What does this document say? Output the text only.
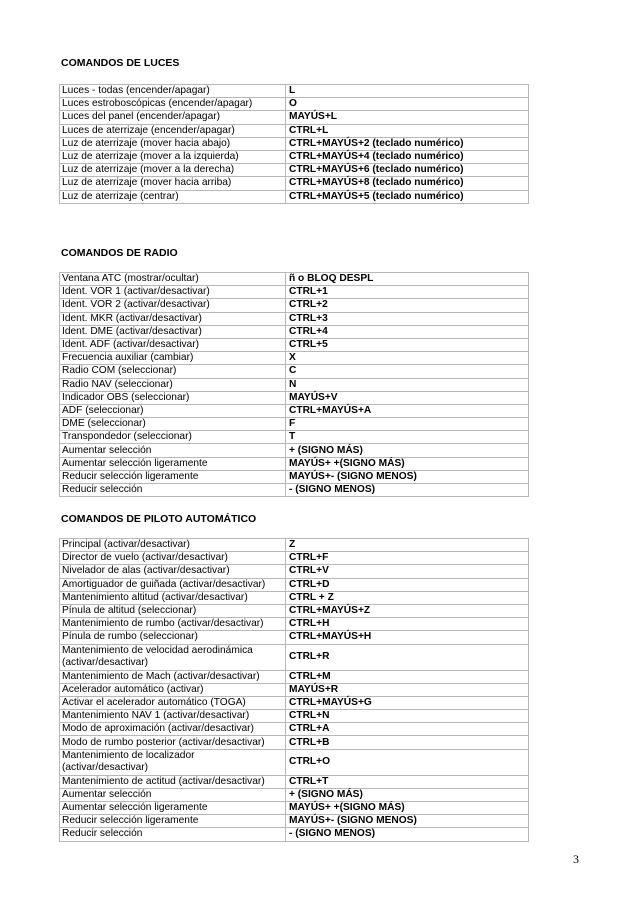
COMANDOS DE LUCES
Luces - todas (encender/apagar)	L
Luces estroboscópicas (encender/apagar)	O
Luces del panel (encender/apagar)	MAYÚS+L
Luces de aterrizaje (encender/apagar)	CTRL+L
Luz de aterrizaje (mover hacia abajo)	CTRL+MAYÚS+2 (teclado numérico)
Luz de aterrizaje (mover a la izquierda)	CTRL+MAYÚS+4 (teclado numérico)
Luz de aterrizaje (mover a la derecha)	CTRL+MAYÚS+6 (teclado numérico)
Luz de aterrizaje (mover hacia arriba)	CTRL+MAYÚS+8 (teclado numérico)
Luz de aterrizaje (centrar)	CTRL+MAYÚS+5 (teclado numérico)
COMANDOS DE RADIO
Ventana ATC (mostrar/ocultar)	ñ o BLOQ DESPL
Ident. VOR 1 (activar/desactivar)	CTRL+1
Ident. VOR 2 (activar/desactivar)	CTRL+2
Ident. MKR (activar/desactivar)	CTRL+3
Ident. DME (activar/desactivar)	CTRL+4
Ident. ADF (activar/desactivar)	CTRL+5
Frecuencia auxiliar (cambiar)	X
Radio COM (seleccionar)	C
Radio NAV (seleccionar)	N
Indicador OBS (seleccionar)	MAYÚS+V
ADF (seleccionar)	CTRL+MAYÚS+A
DME (seleccionar)	F
Transpondedor (seleccionar)	T
Aumentar selección	+ (SIGNO MÁS)
Aumentar selección ligeramente	MAYÚS+ +(SIGNO MÁS)
Reducir selección ligeramente	MAYÚS+- (SIGNO MENOS)
Reducir selección	- (SIGNO MENOS)
COMANDOS DE PILOTO AUTOMÁTICO
Principal (activar/desactivar)	Z
Director de vuelo (activar/desactivar)	CTRL+F
Nivelador de alas (activar/desactivar)	CTRL+V
Amortiguador de guiñada (activar/desactivar)	CTRL+D
Mantenimiento altitud (activar/desactivar)	CTRL + Z
Pínula de altitud (seleccionar)	CTRL+MAYÚS+Z
Mantenimiento de rumbo (activar/desactivar)	CTRL+H
Pínula de rumbo (seleccionar)	CTRL+MAYÚS+H
Mantenimiento de velocidad aerodinámica (activar/desactivar)	CTRL+R
Mantenimiento de Mach (activar/desactivar)	CTRL+M
Acelerador automático (activar)	MAYÚS+R
Activar el acelerador automático (TOGA)	CTRL+MAYÚS+G
Mantenimiento NAV 1 (activar/desactivar)	CTRL+N
Modo de aproximación (activar/desactivar)	CTRL+A
Modo de rumbo posterior (activar/desactivar)	CTRL+B
Mantenimiento de localizador (activar/desactivar)	CTRL+O
Mantenimiento de actitud (activar/desactivar)	CTRL+T
Aumentar selección	+ (SIGNO MÁS)
Aumentar selección ligeramente	MAYÚS+ +(SIGNO MÁS)
Reducir selección ligeramente	MAYÚS+- (SIGNO MENOS)
Reducir selección	- (SIGNO MENOS)
3
